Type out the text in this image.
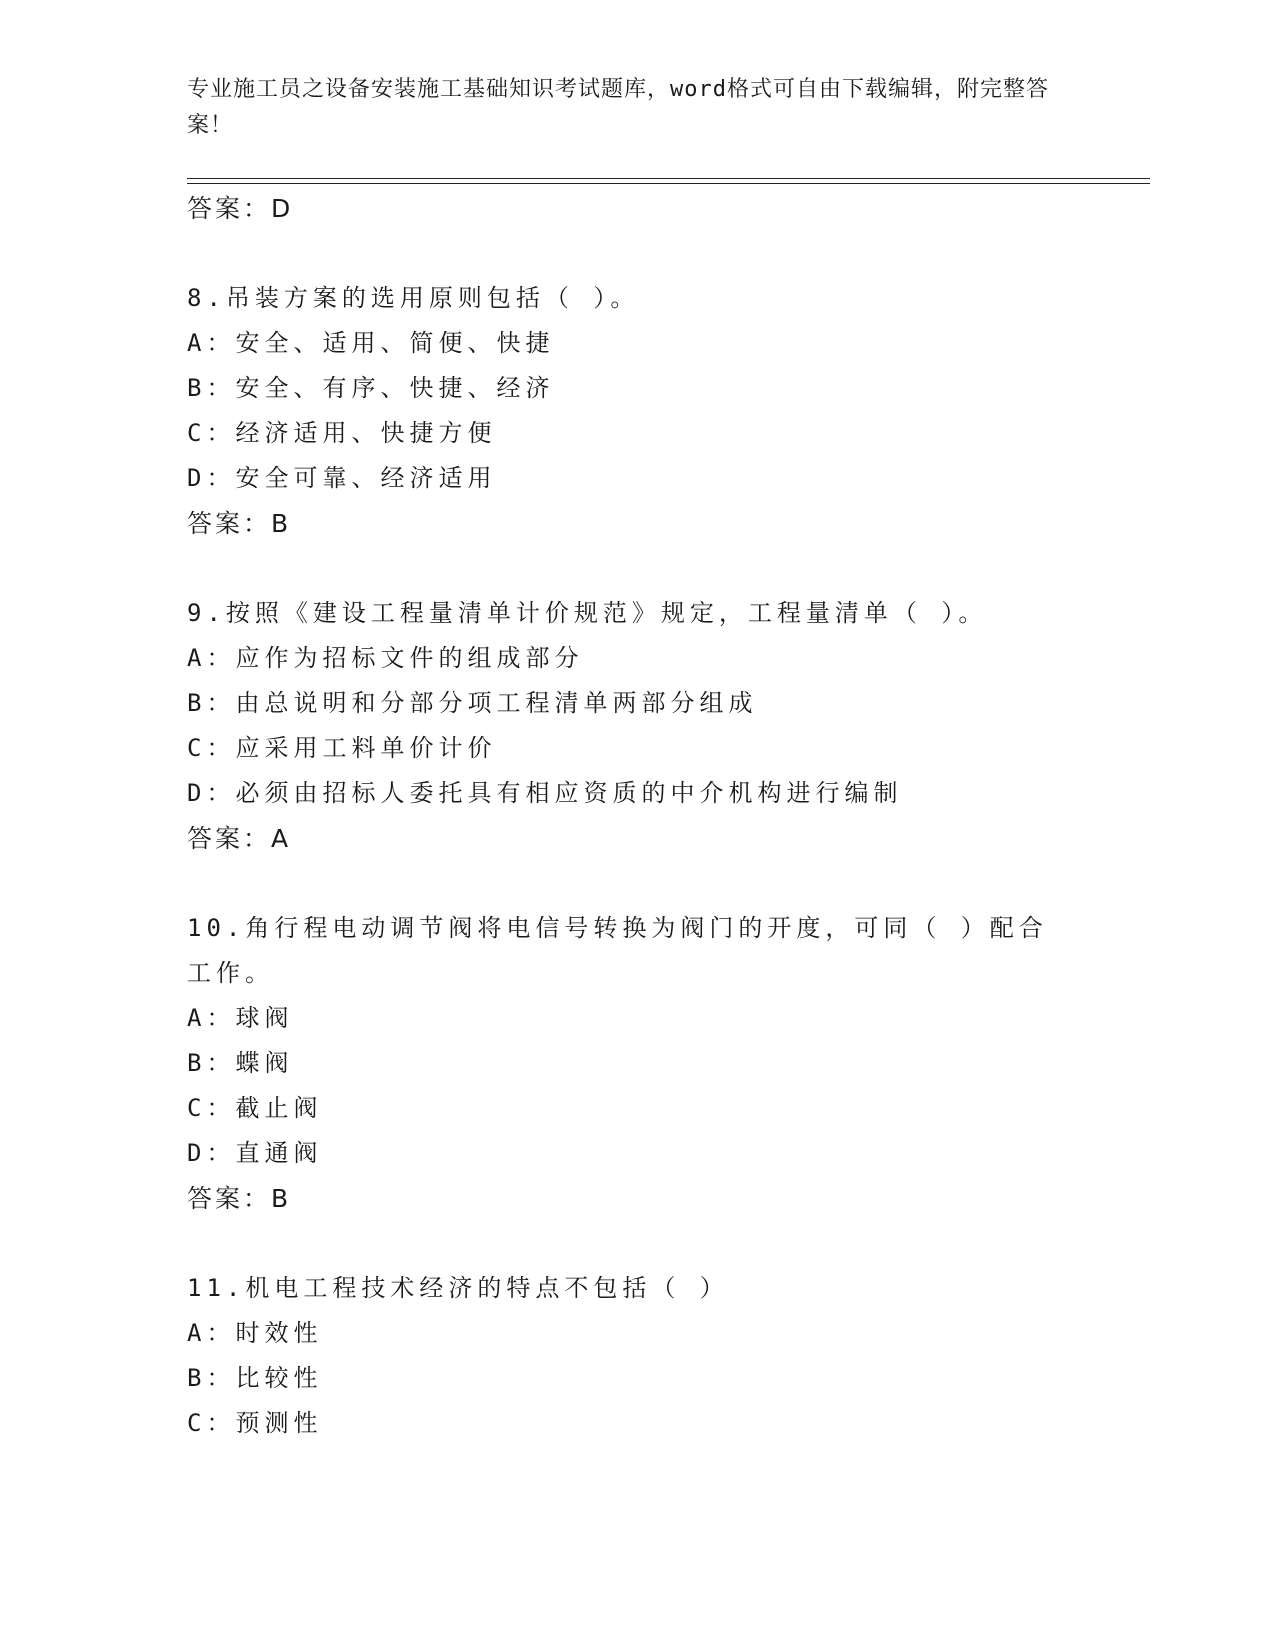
专业施工员之设备安装施工基础知识考试题库，word格式可自由下载编辑，附完整答案！
答案：D
8.吊装方案的选用原则包括（ ）。
A：安全、适用、简便、快捷
B：安全、有序、快捷、经济
C：经济适用、快捷方便
D：安全可靠、经济适用
答案：B
9.按照《建设工程量清单计价规范》规定，工程量清单（ ）。
A：应作为招标文件的组成部分
B：由总说明和分部分项工程清单两部分组成
C：应采用工料单价计价
D：必须由招标人委托具有相应资质的中介机构进行编制
答案：A
10.角行程电动调节阀将电信号转换为阀门的开度，可同（ ）配合工作。
A：球阀
B：蝶阀
C：截止阀
D：直通阀
答案：B
11.机电工程技术经济的特点不包括（ ）
A：时效性
B：比较性
C：预测性
